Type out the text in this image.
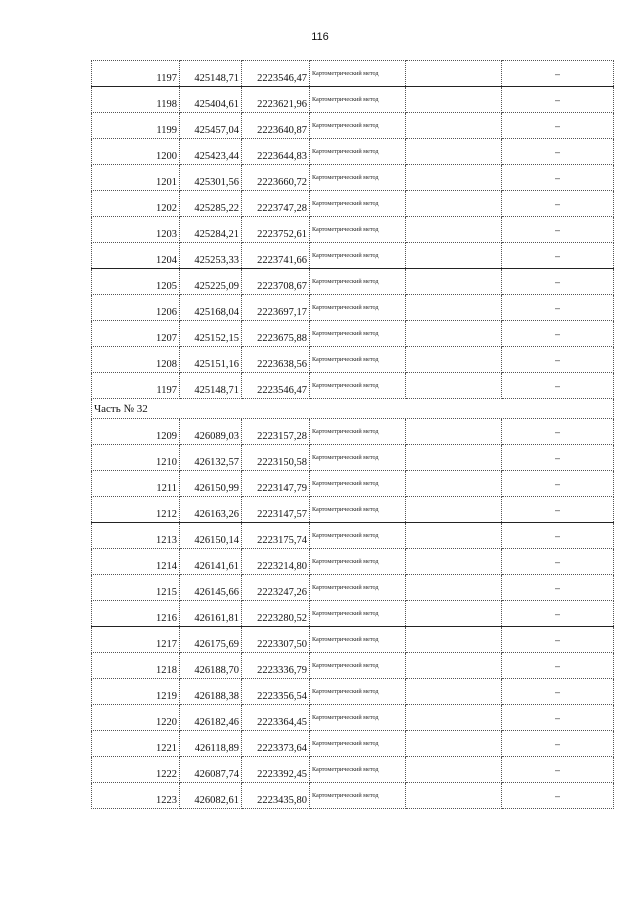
116
1197	425148,71	2223546,47	Картометрический метод		–
1198	425404,61	2223621,96	Картометрический метод		–
1199	425457,04	2223640,87	Картометрический метод		–
1200	425423,44	2223644,83	Картометрический метод		–
1201	425301,56	2223660,72	Картометрический метод		–
1202	425285,22	2223747,28	Картометрический метод		–
1203	425284,21	2223752,61	Картометрический метод		–
1204	425253,33	2223741,66	Картометрический метод		–
1205	425225,09	2223708,67	Картометрический метод		–
1206	425168,04	2223697,17	Картометрический метод		–
1207	425152,15	2223675,88	Картометрический метод		–
1208	425151,16	2223638,56	Картометрический метод		–
1197	425148,71	2223546,47	Картометрический метод		–
Часть № 32					
1209	426089,03	2223157,28	Картометрический метод		–
1210	426132,57	2223150,58	Картометрический метод		–
1211	426150,99	2223147,79	Картометрический метод		–
1212	426163,26	2223147,57	Картометрический метод		–
1213	426150,14	2223175,74	Картометрический метод		–
1214	426141,61	2223214,80	Картометрический метод		–
1215	426145,66	2223247,26	Картометрический метод		–
1216	426161,81	2223280,52	Картометрический метод		–
1217	426175,69	2223307,50	Картометрический метод		–
1218	426188,70	2223336,79	Картометрический метод		–
1219	426188,38	2223356,54	Картометрический метод		–
1220	426182,46	2223364,45	Картометрический метод		–
1221	426118,89	2223373,64	Картометрический метод		–
1222	426087,74	2223392,45	Картометрический метод		–
1223	426082,61	2223435,80	Картометрический метод		–
